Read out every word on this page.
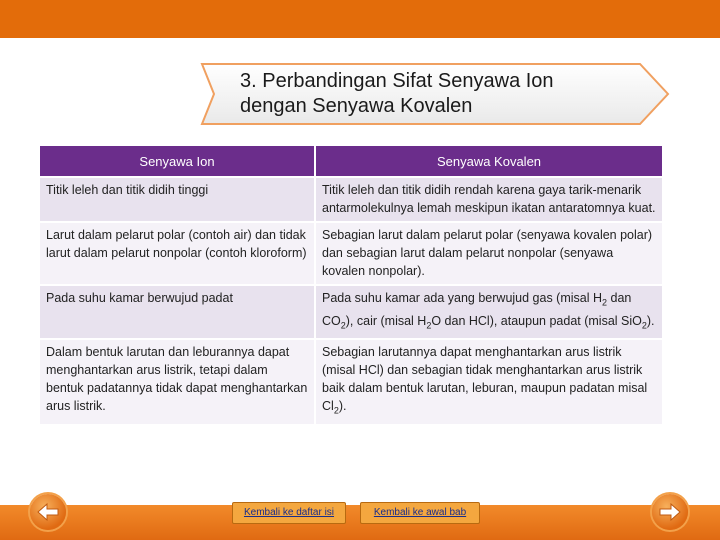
3. Perbandingan Sifat Senyawa Ion
dengan Senyawa Kovalen
Senyawa Ion	Senyawa Kovalen
Titik leleh dan titik didih tinggi	Titik leleh dan titik didih rendah karena gaya tarik-menarik antarmolekulnya lemah meskipun ikatan antaratomnya kuat.
Larut dalam pelarut polar (contoh air) dan tidak larut dalam pelarut nonpolar (contoh kloroform)	Sebagian larut dalam pelarut polar (senyawa kovalen polar) dan sebagian larut dalam pelarut nonpolar (senyawa kovalen nonpolar).
Pada suhu kamar berwujud padat	Pada suhu kamar ada yang berwujud gas (misal $H_2$ dan $CO_2$), cair (misal $H_2O$ dan HCl), ataupun padat (misal SiO$_2$).
Dalam bentuk larutan dan leburannya dapat menghantarkan arus listrik, tetapi dalam bentuk padatannya tidak dapat menghantarkan arus listrik.	Sebagian larutannya dapat menghantarkan arus listrik (misal HCl) dan sebagian tidak menghantarkan arus listrik baik dalam bentuk larutan, leburan, maupun padatan misal $Cl_2$).
Kembali ke daftar isi	Kembali ke awal bab
